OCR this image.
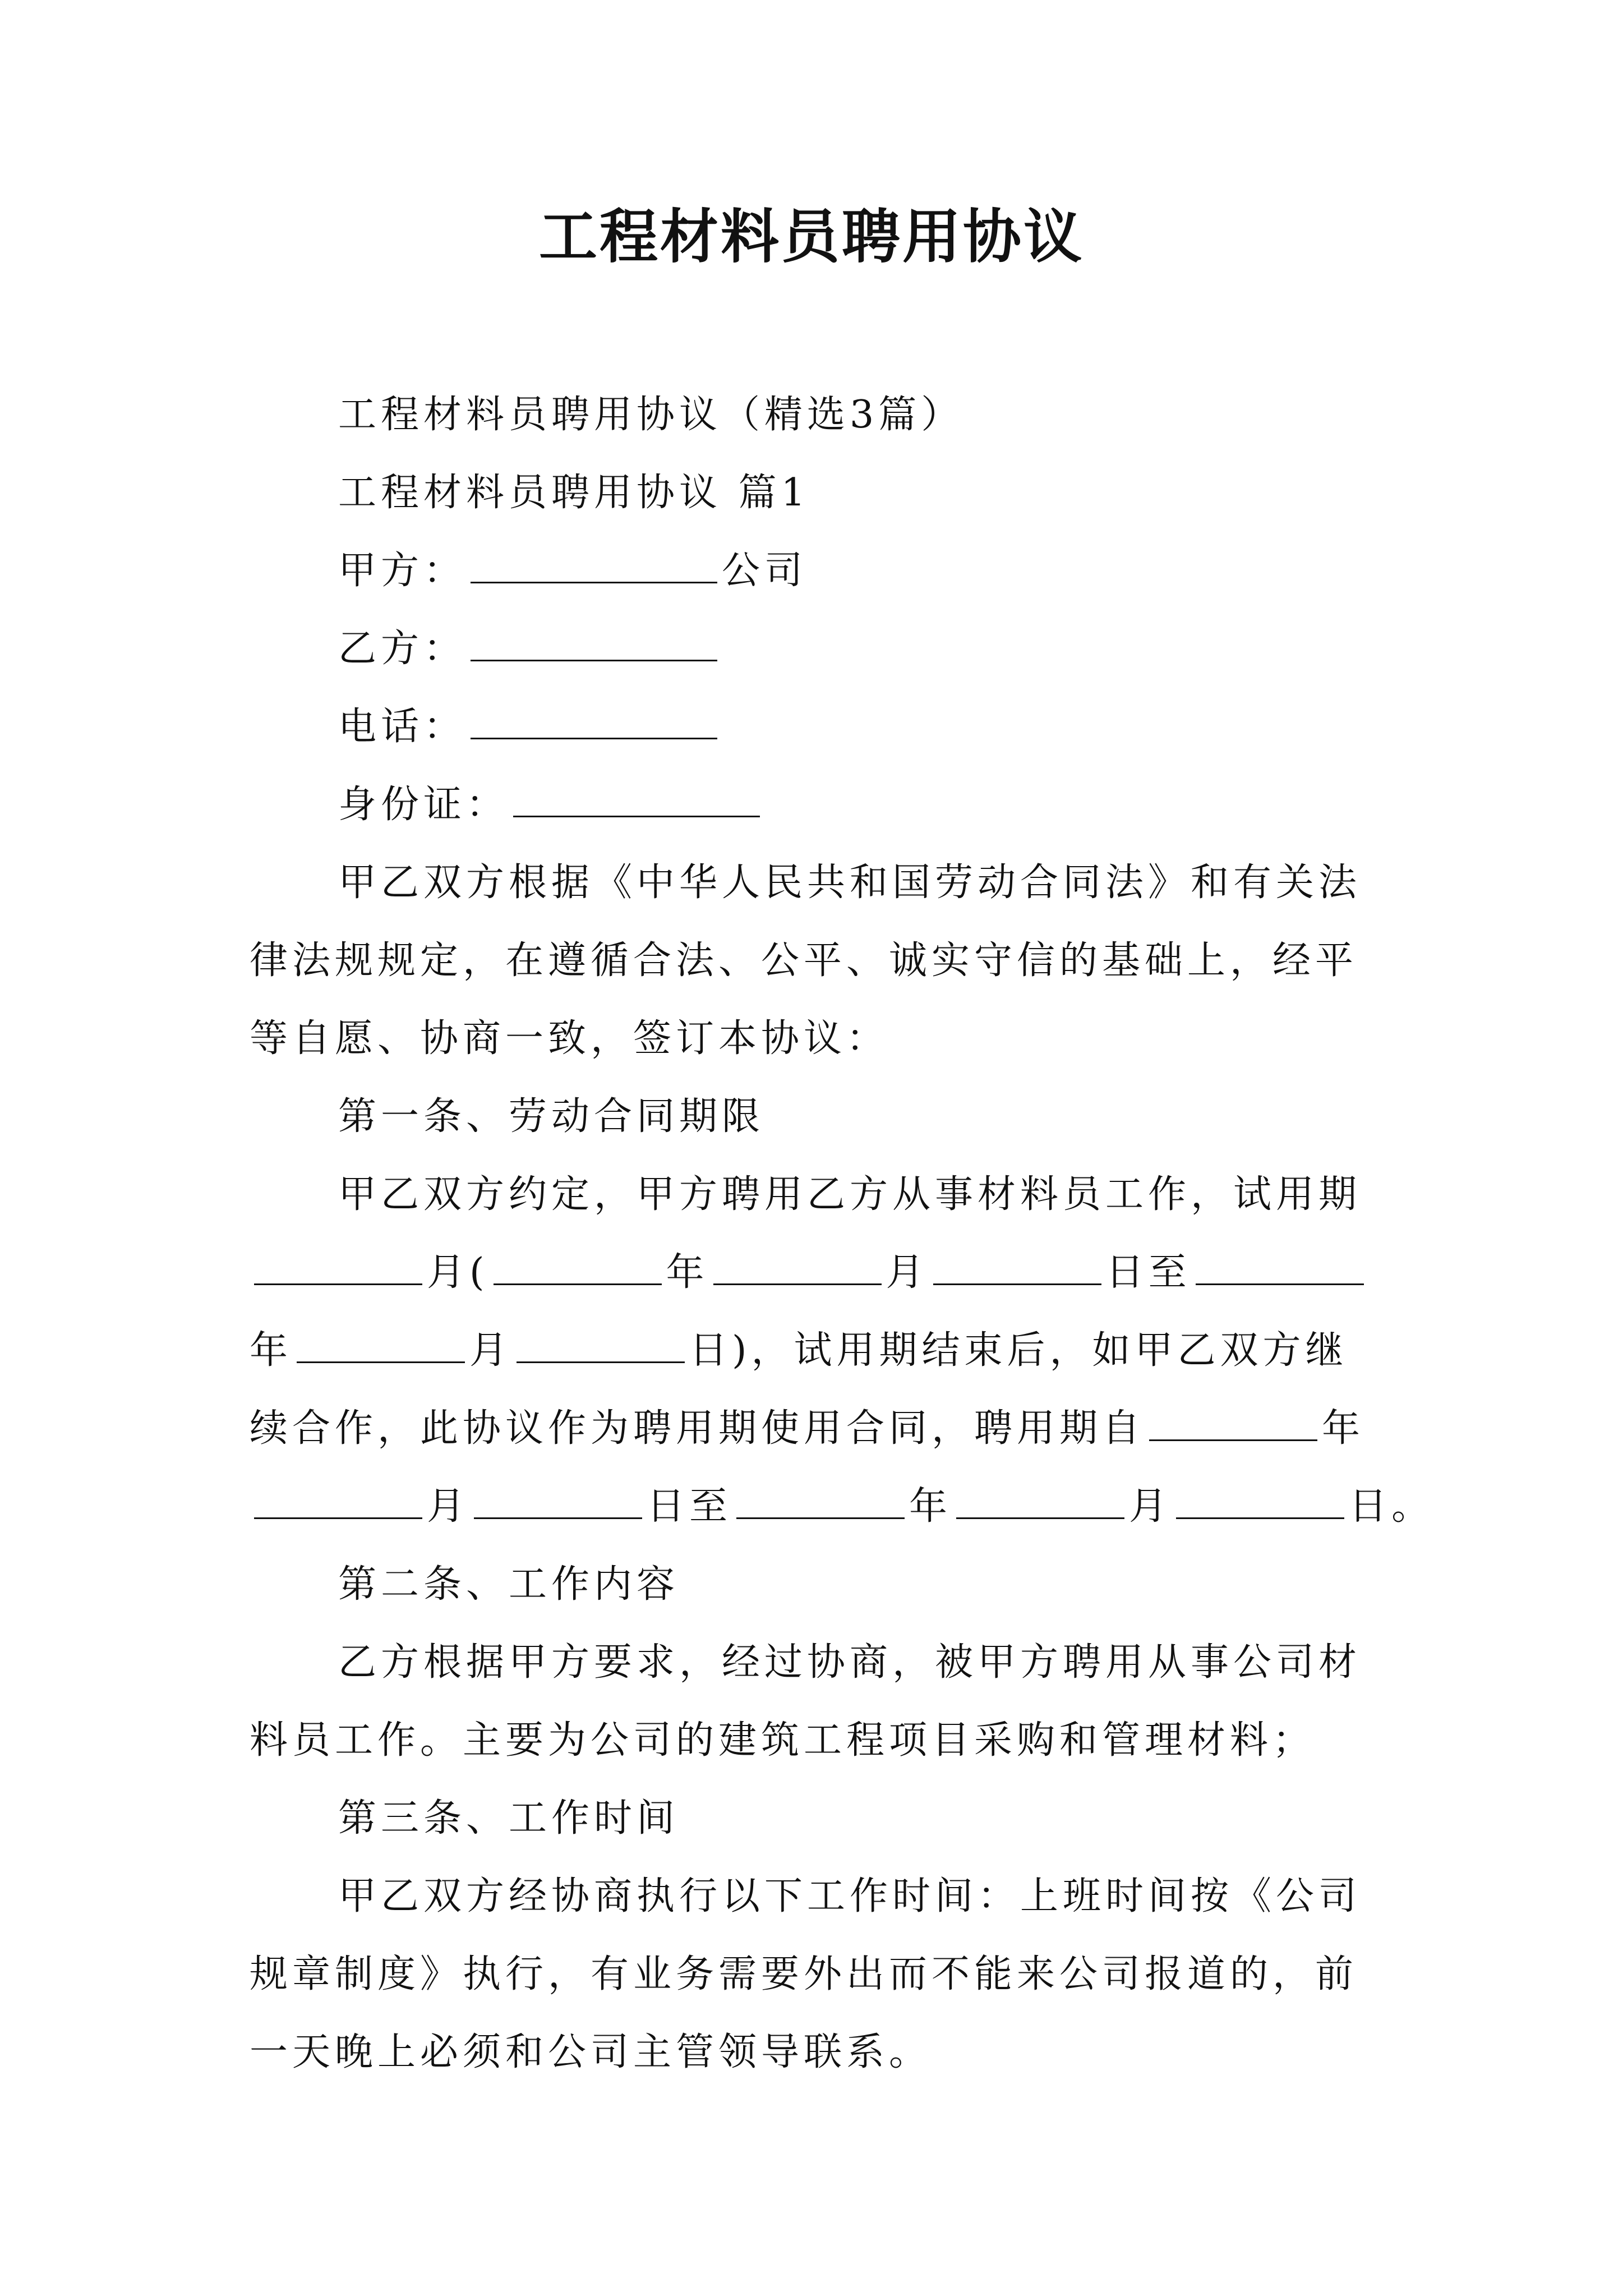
工程材料员聘用协议

工程材料员聘用协议（精选3篇）

工程材料员聘用协议 篇1

甲方：	公司

乙方：

电话：

身份证：

甲乙双方根据《中华人民共和国劳动合同法》和有关法

律法规规定，在遵循合法、公平、诚实守信的基础上，经平

等自愿、协商一致，签订本协议：

第一条、劳动合同期限

甲乙双方约定，甲方聘用乙方从事材料员工作，试用期

月(	年	月	日至

年	月	日)，试用期结束后，如甲乙双方继

续合作，此协议作为聘用期使用合同，聘用期自	年

月	日至	年	月	日。

第二条、工作内容

乙方根据甲方要求，经过协商，被甲方聘用从事公司材

料员工作。主要为公司的建筑工程项目采购和管理材料；

第三条、工作时间

甲乙双方经协商执行以下工作时间：上班时间按《公司

规章制度》执行，有业务需要外出而不能来公司报道的，前

一天晚上必须和公司主管领导联系。
